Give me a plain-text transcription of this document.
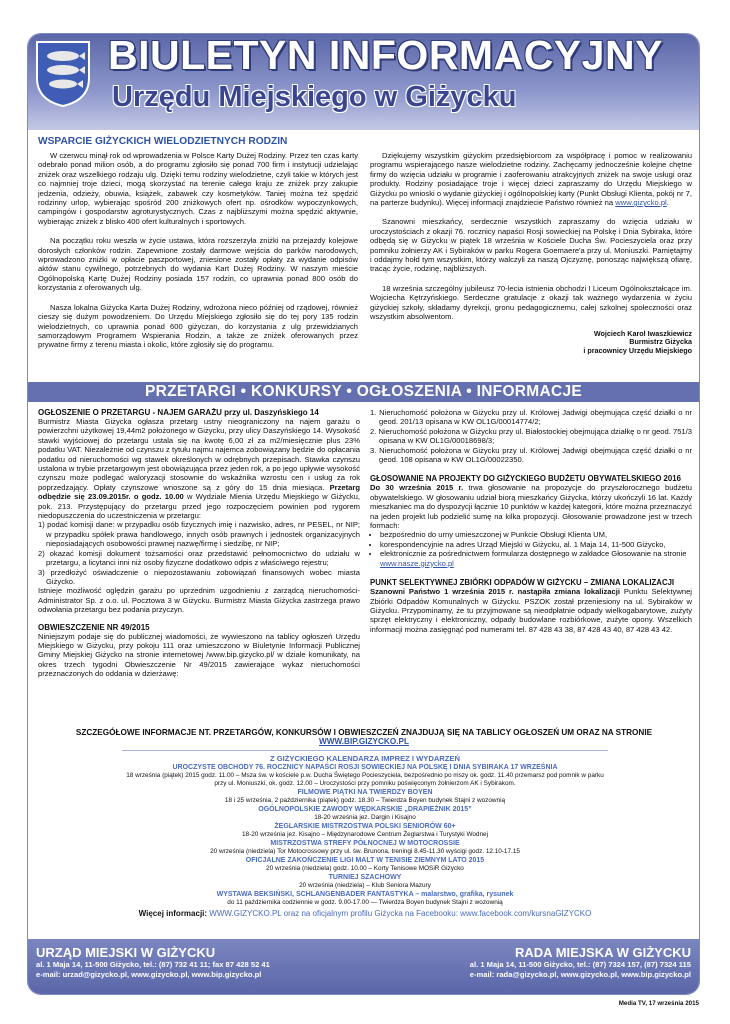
BIULETYN INFORMACYJNY
Urzędu Miejskiego w Giżycku
WSPARCIE GIŻYCKICH WIELODZIETNYCH RODZIN

W czerwcu minął rok od wprowadzenia w Polsce Karty Dużej Rodziny. Przez ten czas karty odebrało ponad milion osób, a do programu zgłosiło się ponad 700 firm i instytucji udzielając zniżek oraz wszelkiego rodzaju ulg. Dzięki temu rodziny wielodzietne, czyli takie w których jest co najmniej troje dzieci, mogą skorzystać na terenie całego kraju ze zniżek przy zakupie jedzenia, odzieży, obuwia, książek, zabawek czy kosmetyków. Taniej można też spędzić rodzinny urlop, wybierając spośród 200 zniżkowych ofert np. ośrodków wypoczynkowych, campingów i gospodarstw agroturystycznych. Czas z najbliższymi można spędzić aktywnie, wybierając zniżek z blisko 400 ofert kulturalnych i sportowych.

Na początku roku weszła w życie ustawa, która rozszerzyła zniżki na przejazdy kolejowe dorosłych członków rodzin. Zapewnione zostały darmowe wejścia do parków narodowych, wprowadzono zniżki w opłacie paszportowej, zniesione zostały opłaty za wydanie odpisów aktów stanu cywilnego, potrzebnych do wydania Kart Dużej Rodziny. W naszym mieście Ogólnopolską Kartę Dużej Rodziny posiada 157 rodzin, co uprawnia ponad 800 osób do korzystania z oferowanych ulg.

Nasza lokalna Giżycka Karta Dużej Rodziny, wdrożona nieco później od rządowej, również cieszy się dużym powodzeniem. Do Urzędu Miejskiego zgłosiło się do tej pory 135 rodzin wielodzietnych, co uprawnia ponad 600 giżyczan, do korzystania z ulg przewidzianych samorządowym Programem Wspierania Rodzin, a także ze zniżek oferowanych przez prywatne firmy z terenu miasta i okolic, które zgłosiły się do programu.

Dziękujemy wszystkim giżyckim przedsiębiorcom za współpracę i pomoc w realizowaniu programu wspierającego nasze wielodzietne rodziny. Zachęcamy jednocześnie kolejne chętne firmy do wzięcia udziału w programie i zaoferowaniu atrakcyjnych zniżek na swoje usługi oraz produkty. Rodziny posiadające troje i więcej dzieci zapraszamy do Urzędu Miejskiego w Giżycku po wnioski o wydanie giżyckiej i ogólnopolskiej karty (Punkt Obsługi Klienta, pokój nr 7, na parterze budynku). Więcej informacji znajdziecie Państwo również na www.gizycko.pl.

Szanowni mieszkańcy, serdecznie wszystkich zapraszamy do wzięcia udziału w uroczystościach z okazji 76. rocznicy napaści Rosji sowieckiej na Polskę i Dnia Sybiraka, które odbędą się w Giżycku w piątek 18 września w Kościele Ducha Św. Pocieszyciela oraz przy pomniku żołnierzy AK i Sybiraków w parku Rogera Goemaere'a przy ul. Moniuszki. Pamiętajmy i oddajmy hołd tym wszystkim, którzy walczyli za naszą Ojczyznę, ponosząc największą ofiarę, tracąc życie, rodzinę, najbliższych.

18 września szczególny jubileusz 70-lecia istnienia obchodzi I Liceum Ogólnokształcące im. Wojciecha Kętrzyńskiego. Serdeczne gratulacje z okazji tak ważnego wydarzenia w życiu giżyckiej szkoły, składamy dyrekcji, gronu pedagogicznemu, całej szkolnej społeczności oraz wszystkim absolwentom.

Wojciech Karol Iwaszkiewicz
Burmistrz Giżycka
i pracownicy Urzędu Miejskiego
PRZETARGI • KONKURSY • OGŁOSZENIA • INFORMACJE
OGŁOSZENIE O PRZETARGU - NAJEM GARAŻU przy ul. Daszyńskiego 14

Burmistrz Miasta Giżycka ogłasza przetarg ustny nieograniczony na najem garażu o powierzchni użytkowej 19,44m2 położonego w Giżycku, przy ulicy Daszyńskiego 14. Wysokość stawki wyjściowej do przetargu ustala się na kwotę 6,00 zł za m2/miesięcznie plus 23% podatku VAT. Niezależnie od czynszu z tytułu najmu najemca zobowiązany będzie do opłacania podatku od nieruchomości wg stawek określonych w odrębnych przepisach. Stawka czynszu ustalona w trybie przetargowym jest obowiązująca przez jeden rok, a po jego upływie wysokość czynszu może podlegać waloryzacji stosownie do wskaźnika wzrostu cen i usług za rok poprzedzający. Opłaty czynszowe wnoszone są z góry do 15 dnia miesiąca. Przetarg odbędzie się 23.09.2015r. o godz. 10.00 w Wydziale Mienia Urzędu Miejskiego w Giżycku, pok. 213. Przystępujący do przetargu przed jego rozpoczęciem powinien pod rygorem niedopuszczenia do uczestniczenia w przetargu:

1) podać komisji dane: w przypadku osób fizycznych imię i nazwisko, adres, nr PESEL, nr NIP; w przypadku spółek prawa handlowego, innych osób prawnych i jednostek organizacyjnych nieposiadających osobowości prawnej nazwę/firmę i siedzibę, nr NIP;

2) okazać komisji dokument tożsamości oraz przedstawić pełnomocnictwo do udziału w przetargu, a licytanci inni niż osoby fizyczne dodatkowo odpis z właściwego rejestru;

3) przedłożyć oświadczenie o niepozostawaniu zobowiązań finansowych wobec miasta Giżycko.

Istnieje możliwość oględzin garażu po uprzednim uzgodnieniu z zarządcą nieruchomości- Administrator Sp. z o.o. ul. Pocztowa 3 w Giżycku. Burmistrz Miasta Giżycka zastrzega prawo odwołania przetargu bez podania przyczyn.

OBWIESZCZENIE NR 49/2015

Niniejszym podaje się do publicznej wiadomości, że wywieszono na tablicy ogłoszeń Urzędu Miejskiego w Giżycku, przy pokoju 111 oraz umieszczono w Biuletynie Informacji Publicznej Gminy Miejskiej Giżycko na stronie internetowej /www.bip.gizycko.pl/ w dziale komunikaty, na okres trzech tygodni Obwieszczenie Nr 49/2015 zawierające wykaz nieruchomości przeznaczonych do oddania w dzierżawę:

1. Nieruchomość położona w Giżycku przy ul. Królowej Jadwigi obejmująca część działki o nr geod. 201/13 opisana w KW OL1G/00014774/2;

2. Nieruchomość położona w Giżycku przy ul. Białostockiej obejmująca działkę o nr geod. 751/3 opisana w KW OL1G/00018698/3;

3. Nieruchomość położona w Giżycku przy ul. Królowej Jadwigi obejmująca część działki o nr geod. 108 opisana w KW OL1G/00022350.

GŁOSOWANIE NA PROJEKTY DO GIŻYCKIEGO BUDŻETU OBYWATELSKIEGO 2016

Do 30 września 2015 r. trwa głosowanie na propozycje do przyszłorocznego budżetu obywatelskiego. W głosowaniu udział biorą mieszkańcy Giżycka, którzy ukończyli 16 lat. Każdy mieszkaniec ma do dyspozycji łącznie 10 punktów w każdej kategorii, które można przeznaczyć na jeden projekt lub podzielić sumę na kilka propozycji. Głosowanie prowadzone jest w trzech formach:

• bezpośrednio do urny umieszczonej w Punkcie Obsługi Klienta UM,
• korespondencyjnie na adres Urząd Miejski w Giżycku, al. 1 Maja 14, 11-500 Giżycko,
• elektronicznie za pośrednictwem formularza dostępnego w zakładce Głosowanie na stronie www.nasze.gizycko.pl
PUNKT SELEKTYWNEJ ZBIÓRKI ODPADÓW W GIŻYCKU – ZMIANA LOKALIZACJI

Szanowni Państwo 1 września 2015 r. nastąpiła zmiana lokalizacji Punktu Selektywnej Zbiórki Odpadów Komunalnych w Giżycku. PSZOK został przeniesiony na ul. Sybiraków w Giżycku. Przypominamy, że tu przyjmowane są nieodpłatnie odpady wielkogabarytowe, zużyty sprzęt elektryczny i elektroniczny, odpady budowlane rozbiórkowe, zużyte opony. Wszelkich informacji można zasięgnąć pod numerami tel. 87 428 43 38, 87 428 43 40, 87 428 43 42.

SZCZEGÓŁOWE INFORMACJE NT. PRZETARGÓW, KONKURSÓW I OBWIESZCZEŃ ZNAJDUJĄ SIĘ NA TABLICY OGŁOSZEŃ UM ORAZ NA STRONIE WWW.BIP.GIZYCKO.PL
Z GIŻYCKIEGO KALENDARZA IMPREZ I WYDARZEŃ
UROCZYSTE OBCHODY 76. ROCZNICY NAPAŚCI ROSJI SOWIECKIEJ NA POLSKĘ I DNIA SYBIRAKA 17 WRZEŚNIA
18 września (piątek) 2015 godz. 11.00 – Msza św. w kościele p.w. Ducha Świętego Pocieszyciela, bezpośrednio po mszy ok. godz. 11.40 przemarsz pod pomnik w parku przy ul. Moniuszki, ok. godz. 12.00 – Uroczystości przy pomniku poświęconym żołnierzom AK i Sybirakom.
FILMOWE PIĄTKI NA TWIERDZY BOYEN
18 i 25 września, 2 października (piątek) godz. 18.30 – Twierdza Boyen budynek Stajni z wozownią
OGÓLNOPOLSKIE ZAWODY WĘDKARSKIE „DRAPIEŻNIK 2015”
18-20 września jez. Dargin i Kisajno
ŻEGLARSKIE MISTRZOSTWA POLSKI SENIORÓW 60+
18-20 września jez. Kisajno – Międzynarodowe Centrum Żeglarstwa i Turystyki Wodnej
MISTRZOSTWA STREFY PÓŁNOCNEJ W MOTOCROSSIE
20 września (niedziela) Tor Motocrossowy przy ul. św. Brunona, treningi 8.45-11.30 wyścigi godz. 12.10-17.15
OFICJALNE ZAKOŃCZENIE LIGI MALT W TENISIE ZIEMNYM LATO 2015
20 września (niedziela) godz. 10.00 – Korty Tenisowe MOSiR Giżycko
TURNIEJ SZACHOWY
20 września (niedziela) – Klub Seniora Mazury
WYSTAWA BEKSIŃSKI, SCHLANGENBADER FANTASTYKA – malarstwo, grafika, rysunek
do 11 października codziennie w godz. 9.00-17.00 — Twierdza Boyen budynek Stajni z wozownią
Więcej informacji: WWW.GIZYCKO.PL oraz na oficjalnym profilu Giżycka na Facebooku: www.facebook.com/kursnaGIZYCKO
URZĄD MIEJSKI W GIŻYCKU
al. 1 Maja 14, 11-500 Giżycko, tel.: (87) 732 41 11; fax 87 428 52 41
e-mail: urzad@gizycko.pl, www.gizycko.pl, www.bip.gizycko.pl
RADA MIEJSKA W GIŻYCKU
al. 1 Maja 14, 11-500 Giżycko, tel.: (87) 7324 157, (87) 7324 115
e-mail: rada@gizycko.pl, www.gizycko.pl, www.bip.gizycko.pl
Media TV, 17 września 2015
